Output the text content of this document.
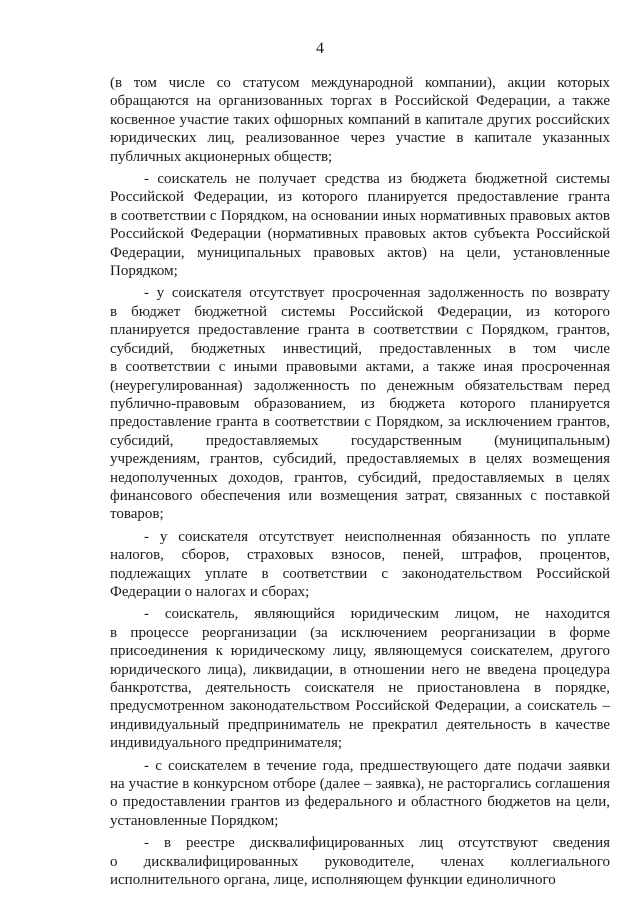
4
(в том числе со статусом международной компании), акции которых
обращаются на организованных торгах в Российской Федерации, а также
косвенное участие таких офшорных компаний в капитале других российских
юридических лиц, реализованное через участие в капитале указанных
публичных акционерных обществ;
- соискатель не получает средства из бюджета бюджетной системы
Российской Федерации, из которого планируется предоставление гранта
в соответствии с Порядком, на основании иных нормативных правовых актов
Российской Федерации (нормативных правовых актов субъекта Российской
Федерации, муниципальных правовых актов) на цели, установленные
Порядком;
- у соискателя отсутствует просроченная задолженность по возврату
в бюджет бюджетной системы Российской Федерации, из которого
планируется предоставление гранта в соответствии с Порядком, грантов,
субсидий, бюджетных инвестиций, предоставленных в том числе
в соответствии с иными правовыми актами, а также иная просроченная
(неурегулированная) задолженность по денежным обязательствам перед
публично-правовым образованием, из бюджета которого планируется
предоставление гранта в соответствии с Порядком, за исключением грантов,
субсидий, предоставляемых государственным (муниципальным)
учреждениям, грантов, субсидий, предоставляемых в целях возмещения
недополученных доходов, грантов, субсидий, предоставляемых в целях
финансового обеспечения или возмещения затрат, связанных с поставкой
товаров;
- у соискателя отсутствует неисполненная обязанность по уплате
налогов, сборов, страховых взносов, пеней, штрафов, процентов,
подлежащих уплате в соответствии с законодательством Российской
Федерации о налогах и сборах;
- соискатель, являющийся юридическим лицом, не находится
в процессе реорганизации (за исключением реорганизации в форме
присоединения к юридическому лицу, являющемуся соискателем, другого
юридического лица), ликвидации, в отношении него не введена процедура
банкротства, деятельность соискателя не приостановлена в порядке,
предусмотренном законодательством Российской Федерации, а соискатель –
индивидуальный предприниматель не прекратил деятельность в качестве
индивидуального предпринимателя;
- с соискателем в течение года, предшествующего дате подачи заявки
на участие в конкурсном отборе (далее – заявка), не расторгались соглашения
о предоставлении грантов из федерального и областного бюджетов на цели,
установленные Порядком;
- в реестре дисквалифицированных лиц отсутствуют сведения
о дисквалифицированных руководителе, членах коллегиального
исполнительного органа, лице, исполняющем функции единоличного
